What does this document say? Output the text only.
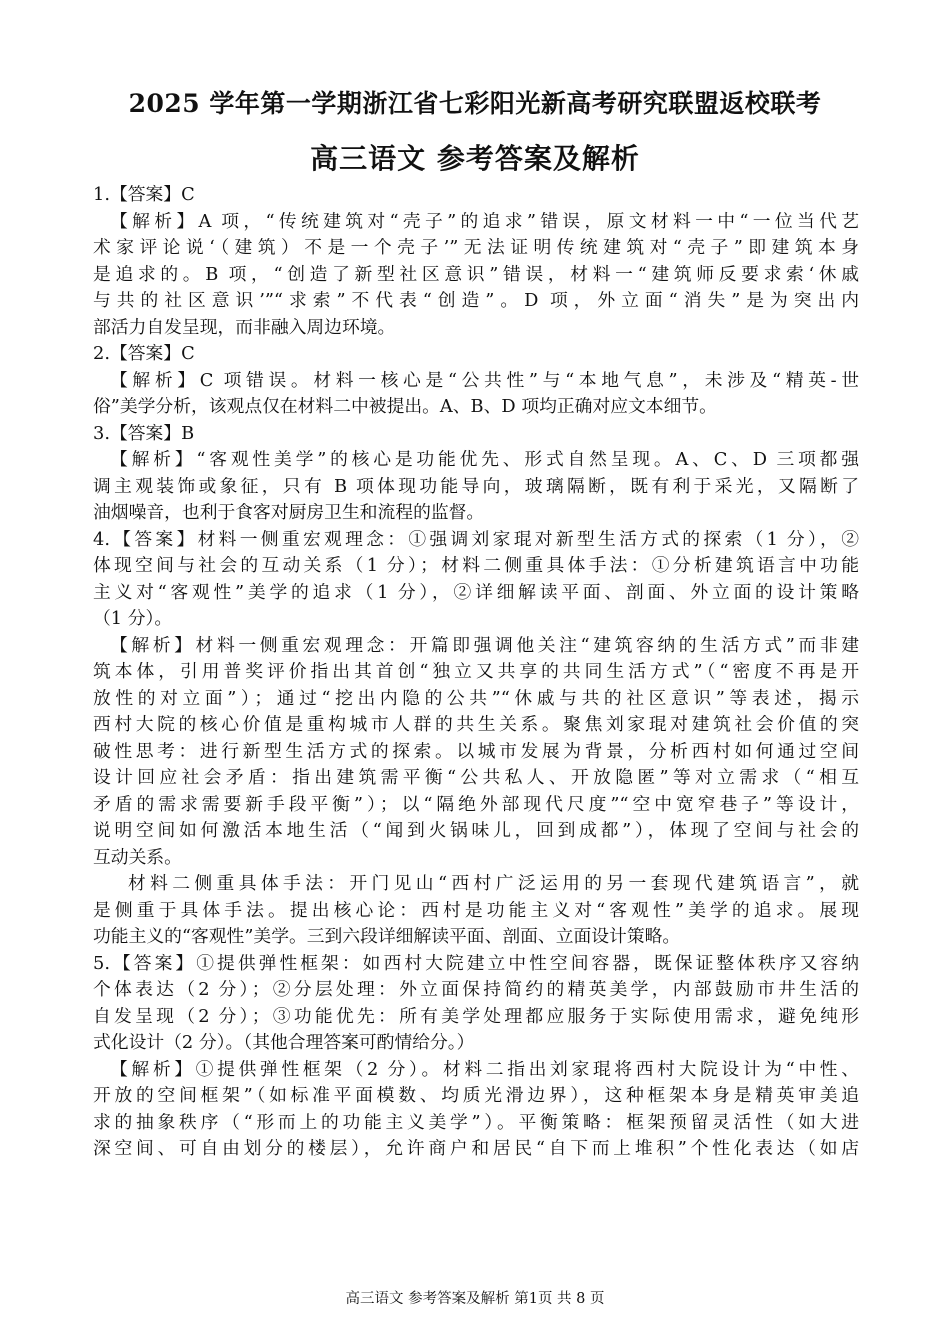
2025 学年第一学期浙江省七彩阳光新高考研究联盟返校联考
高三语文 参考答案及解析
1.【答案】C
【解析】A 项，“传统建筑对“壳子”的追求”错误，原文材料一中“一位当代艺
术家评论说‘（建筑）不是一个壳子’”无法证明传统建筑对“壳子”即建筑本身
是追求的。B 项，“创造了新型社区意识”错误，材料一“建筑师反要求索‘休戚
与共的社区意识’”“求索”不代表“创造”。D 项，外立面“消失”是为突出内
部活力自发呈现，而非融入周边环境。
2.【答案】C
【解析】C 项错误。材料一核心是“公共性”与“本地气息”，未涉及“精英-世
俗”美学分析，该观点仅在材料二中被提出。A、B、D 项均正确对应文本细节。
3.【答案】B
【解析】“客观性美学”的核心是功能优先、形式自然呈现。A、C、D 三项都强
调主观装饰或象征，只有 B 项体现功能导向，玻璃隔断，既有利于采光，又隔断了
油烟噪音，也利于食客对厨房卫生和流程的监督。
4.【答案】材料一侧重宏观理念：①强调刘家琨对新型生活方式的探索（1 分），②
体现空间与社会的互动关系（1 分）；材料二侧重具体手法：①分析建筑语言中功能
主义对“客观性”美学的追求（1 分），②详细解读平面、剖面、外立面的设计策略
（1 分）。
【解析】材料一侧重宏观理念：开篇即强调他关注“建筑容纳的生活方式”而非建
筑本体，引用普奖评价指出其首创“独立又共享的共同生活方式”（“密度不再是开
放性的对立面”）；通过“挖出内隐的公共”“休戚与共的社区意识”等表述，揭示
西村大院的核心价值是重构城市人群的共生关系。聚焦刘家琨对建筑社会价值的突
破性思考：进行新型生活方式的探索。以城市发展为背景，分析西村如何通过空间
设计回应社会矛盾：指出建筑需平衡“公共私人、开放隐匿”等对立需求（“相互
矛盾的需求需要新手段平衡”）；以“隔绝外部现代尺度”“空中宽窄巷子”等设计，
说明空间如何激活本地生活（“闻到火锅味儿，回到成都”），体现了空间与社会的
互动关系。
材料二侧重具体手法：开门见山“西村广泛运用的另一套现代建筑语言”，就
是侧重于具体手法。提出核心论：西村是功能主义对“客观性”美学的追求。展现
功能主义的“客观性”美学。三到六段详细解读平面、剖面、立面设计策略。
5.【答案】①提供弹性框架：如西村大院建立中性空间容器，既保证整体秩序又容纳
个体表达（2 分）；②分层处理：外立面保持简约的精英美学，内部鼓励市井生活的
自发呈现（2 分）；③功能优先：所有美学处理都应服务于实际使用需求，避免纯形
式化设计（2 分）。（其他合理答案可酌情给分。）
【解析】①提供弹性框架（2 分）。材料二指出刘家琨将西村大院设计为“中性、
开放的空间框架”（如标准平面模数、均质光滑边界），这种框架本身是精英审美追
求的抽象秩序（“形而上的功能主义美学”）。平衡策略：框架预留灵活性（如大进
深空间、可自由划分的楼层），允许商户和居民“自下而上堆积”个性化表达（如店
高三语文 参考答案及解析 第1页 共 8 页
